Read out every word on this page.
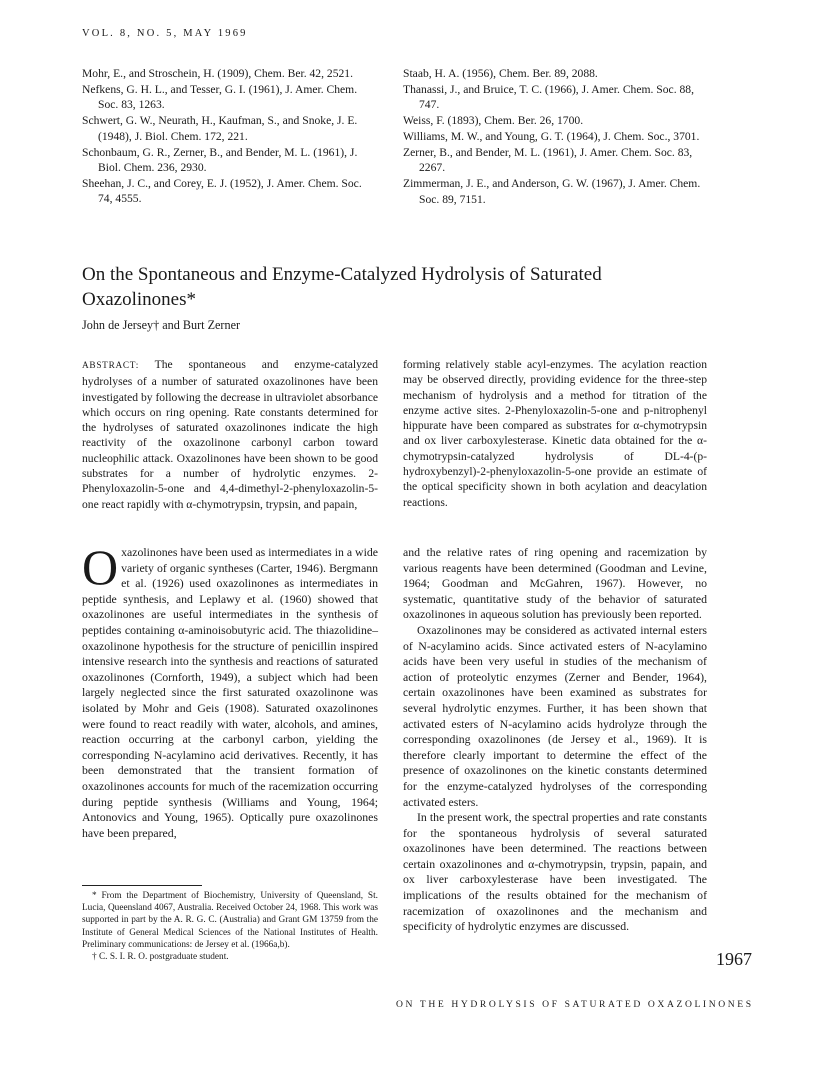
VOL. 8, NO. 5, MAY 1969
Mohr, E., and Stroschein, H. (1909), Chem. Ber. 42, 2521.
Nefkens, G. H. L., and Tesser, G. I. (1961), J. Amer. Chem. Soc. 83, 1263.
Schwert, G. W., Neurath, H., Kaufman, S., and Snoke, J. E. (1948), J. Biol. Chem. 172, 221.
Schonbaum, G. R., Zerner, B., and Bender, M. L. (1961), J. Biol. Chem. 236, 2930.
Sheehan, J. C., and Corey, E. J. (1952), J. Amer. Chem. Soc. 74, 4555.
Staab, H. A. (1956), Chem. Ber. 89, 2088.
Thanassi, J., and Bruice, T. C. (1966), J. Amer. Chem. Soc. 88, 747.
Weiss, F. (1893), Chem. Ber. 26, 1700.
Williams, M. W., and Young, G. T. (1964), J. Chem. Soc., 3701.
Zerner, B., and Bender, M. L. (1961), J. Amer. Chem. Soc. 83, 2267.
Zimmerman, J. E., and Anderson, G. W. (1967), J. Amer. Chem. Soc. 89, 7151.
On the Spontaneous and Enzyme-Catalyzed Hydrolysis of Saturated Oxazolinones*
John de Jersey† and Burt Zerner
ABSTRACT: The spontaneous and enzyme-catalyzed hydrolyses of a number of saturated oxazolinones have been investigated by following the decrease in ultraviolet absorbance which occurs on ring opening. Rate constants determined for the hydrolyses of saturated oxazolinones indicate the high reactivity of the oxazolinone carbonyl carbon toward nucleophilic attack. Oxazolinones have been shown to be good substrates for a number of hydrolytic enzymes. 2-Phenyloxazolin-5-one and 4,4-dimethyl-2-phenyloxazolin-5-one react rapidly with α-chymotrypsin, trypsin, and papain,
forming relatively stable acyl-enzymes. The acylation reaction may be observed directly, providing evidence for the three-step mechanism of hydrolysis and a method for titration of the enzyme active sites. 2-Phenyloxazolin-5-one and p-nitrophenyl hippurate have been compared as substrates for α-chymotrypsin and ox liver carboxylesterase. Kinetic data obtained for the α-chymotrypsin-catalyzed hydrolysis of DL-4-(p-hydroxybenzyl)-2-phenyloxazolin-5-one provide an estimate of the optical specificity shown in both acylation and deacylation reactions.

Oxazolinones have been used as intermediates in a wide variety of organic syntheses (Carter, 1946). Bergmann et al. (1926) used oxazolinones as intermediates in peptide synthesis, and Leplawy et al. (1960) showed that oxazolinones are useful intermediates in the synthesis of peptides containing α-aminoisobutyric acid. The thiazolidine–oxazolinone hypothesis for the structure of penicillin inspired intensive research into the synthesis and reactions of saturated oxazolinones (Cornforth, 1949), a subject which had been largely neglected since the first saturated oxazolinone was isolated by Mohr and Geis (1908). Saturated oxazolinones were found to react readily with water, alcohols, and amines, reaction occurring at the carbonyl carbon, yielding the corresponding N-acylamino acid derivatives. Recently, it has been demonstrated that the transient formation of oxazolinones accounts for much of the racemization occurring during peptide synthesis (Williams and Young, 1964; Antonovics and Young, 1965). Optically pure oxazolinones have been prepared,

and the relative rates of ring opening and racemization by various reagents have been determined (Goodman and Levine, 1964; Goodman and McGahren, 1967). However, no systematic, quantitative study of the behavior of saturated oxazolinones in aqueous solution has previously been reported.

Oxazolinones may be considered as activated internal esters of N-acylamino acids. Since activated esters of N-acylamino acids have been very useful in studies of the mechanism of action of proteolytic enzymes (Zerner and Bender, 1964), certain oxazolinones have been examined as substrates for several hydrolytic enzymes. Further, it has been shown that activated esters of N-acylamino acids hydrolyze through the corresponding oxazolinones (de Jersey et al., 1969). It is therefore clearly important to determine the effect of the presence of oxazolinones on the kinetic constants determined for the enzyme-catalyzed hydrolyses of the corresponding activated esters.

In the present work, the spectral properties and rate constants for the spontaneous hydrolysis of several saturated oxazolinones have been determined. The reactions between certain oxazolinones and α-chymotrypsin, trypsin, papain, and ox liver carboxylesterase have been investigated. The implications of the results obtained for the mechanism of racemization of oxazolinones and the mechanism and specificity of hydrolytic enzymes are discussed.

* From the Department of Biochemistry, University of Queensland, St. Lucia, Queensland 4067, Australia. Received October 24, 1968. This work was supported in part by the A. R. G. C. (Australia) and Grant GM 13759 from the Institute of General Medical Sciences of the National Institutes of Health. Preliminary communications: de Jersey et al. (1966a,b).

† C. S. I. R. O. postgraduate student.	1967
ON THE HYDROLYSIS OF SATURATED OXAZOLINONES
